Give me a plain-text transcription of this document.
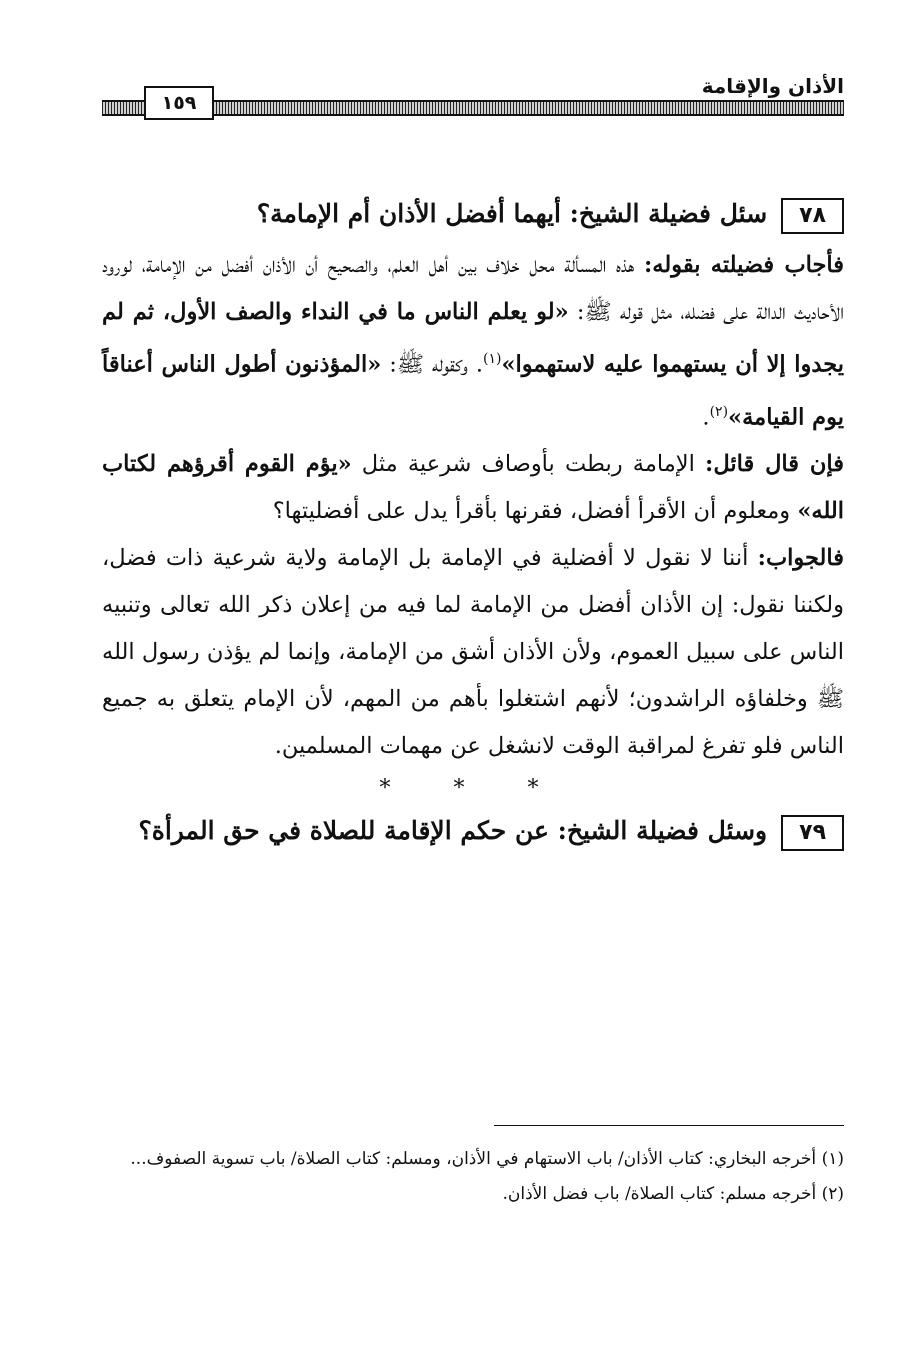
الأذان والإقامة
١٥٩

٧٨سئل فضيلة الشيخ: أيهما أفضل الأذان أم الإمامة؟

فأجاب فضيلته بقوله: هذه المسألة محل خلاف بين أهل العلم، والصحيح أن الأذان أفضل من الإمامة، لورود الأحاديث الدالة على فضله، مثل قوله ﷺ: «لو يعلم الناس ما في النداء والصف الأول، ثم لم يجدوا إلا أن يستهموا عليه لاستهموا»$^{(١)}$. وكقوله ﷺ: «المؤذنون أطول الناس أعناقاً يوم القيامة»$^{(٢)}$.

فإن قال قائل: الإمامة ربطت بأوصاف شرعية مثل «يؤم القوم أقرؤهم لكتاب الله» ومعلوم أن الأقرأ أفضل، فقرنها بأقرأ يدل على أفضليتها؟

فالجواب: أننا لا نقول لا أفضلية في الإمامة بل الإمامة ولاية شرعية ذات فضل، ولكننا نقول: إن الأذان أفضل من الإمامة لما فيه من إعلان ذكر الله تعالى وتنبيه الناس على سبيل العموم، ولأن الأذان أشق من الإمامة، وإنما لم يؤذن رسول الله ﷺ وخلفاؤه الراشدون؛ لأنهم اشتغلوا بأهم من المهم، لأن الإمام يتعلق به جميع الناس فلو تفرغ لمراقبة الوقت لانشغل عن مهمات المسلمين.

* * *

٧٩وسئل فضيلة الشيخ: عن حكم الإقامة للصلاة في حق المرأة؟

(١) أخرجه البخاري: كتاب الأذان/ باب الاستهام في الأذان، ومسلم: كتاب الصلاة/ باب تسوية الصفوف...

(٢) أخرجه مسلم: كتاب الصلاة/ باب فضل الأذان.
